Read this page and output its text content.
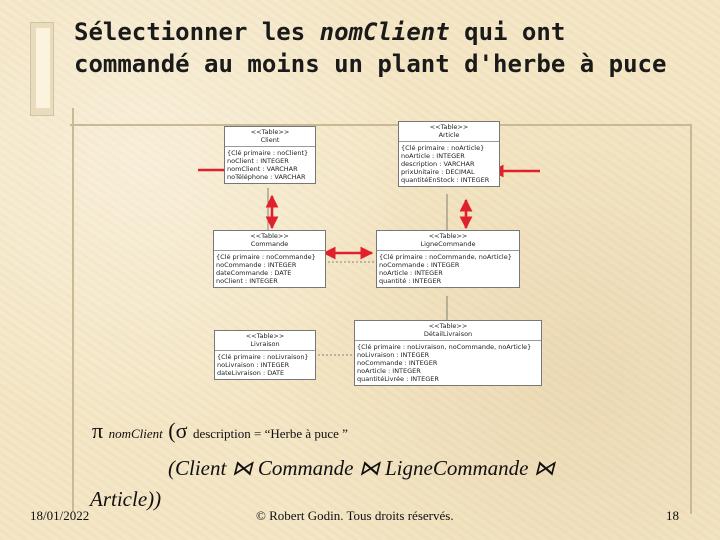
Sélectionner les nomClient qui ont commandé au moins un plant d'herbe à puce
<<Table>>
Client
{Clé primaire : noClient}
noClient : INTEGER
nomClient : VARCHAR
noTéléphone : VARCHAR
<<Table>>
Article
{Clé primaire : noArticle}
noArticle : INTEGER
description : VARCHAR
prixUnitaire : DECIMAL
quantitéEnStock : INTEGER
<<Table>>
Commande
{Clé primaire : noCommande}
noCommande : INTEGER
dateCommande : DATE
noClient : INTEGER
<<Table>>
LigneCommande
{Clé primaire : noCommande, noArticle}
noCommande : INTEGER
noArticle : INTEGER
quantité : INTEGER
<<Table>>
Livraison
{Clé primaire : noLivraison}
noLivraison : INTEGER
dateLivraison : DATE
<<Table>>
DétailLivraison
{Clé primaire : noLivraison, noCommande, noArticle}
noLivraison : INTEGER
noCommande : INTEGER
noArticle : INTEGER
quantitéLivrée : INTEGER
π nomClient (σ description = “Herbe à puce ”
(Client ⋈ Commande ⋈ LigneCommande ⋈
Article))
18/01/2022	© Robert Godin. Tous droits réservés.	18
